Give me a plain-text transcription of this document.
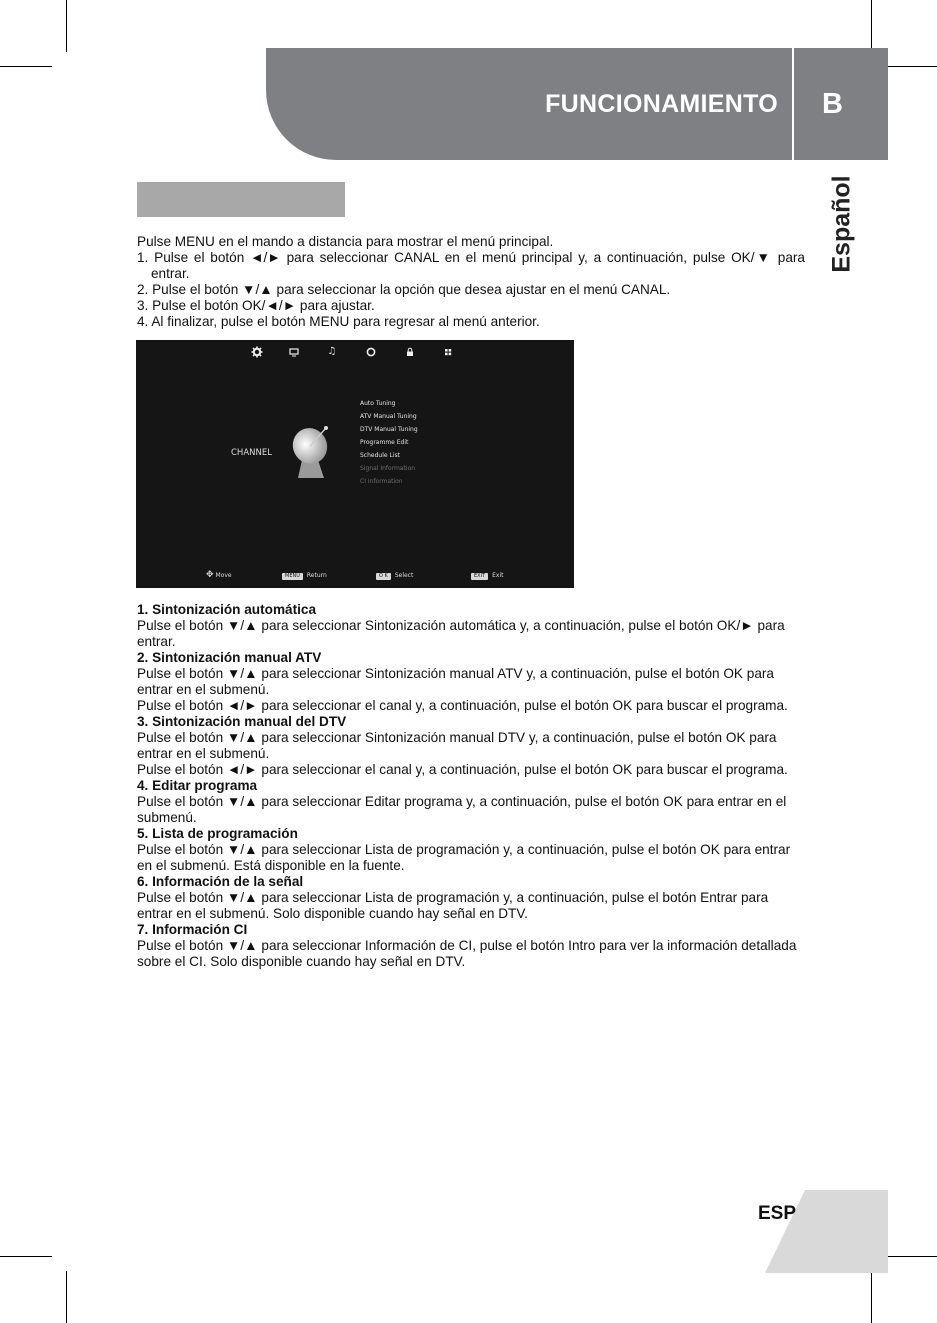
FUNCIONAMIENTO B
Español

Pulse MENU en el mando a distancia para mostrar el menú principal.

1. Pulse el botón ◄/► para seleccionar CANAL en el menú principal y, a continuación, pulse OK/▼ para entrar.

2. Pulse el botón ▼/▲ para seleccionar la opción que desea ajustar en el menú CANAL.

3. Pulse el botón OK/◄/► para ajustar.

4. Al finalizar, pulse el botón MENU para regresar al menú anterior.

♫
CHANNEL
Auto Tuning
ATV Manual Tuning
DTV Manual Tuning
Programme Edit
Schedule List
Signal Information
CI Information
✥ Move	MENU Return	O K Select	EXIT Exit

1. Sintonización automática

Pulse el botón ▼/▲ para seleccionar Sintonización automática y, a continuación, pulse el botón OK/► para entrar.

2. Sintonización manual ATV

Pulse el botón ▼/▲ para seleccionar Sintonización manual ATV y, a continuación, pulse el botón OK para entrar en el submenú.

Pulse el botón ◄/► para seleccionar el canal y, a continuación, pulse el botón OK para buscar el programa.

3. Sintonización manual del DTV

Pulse el botón ▼/▲ para seleccionar Sintonización manual DTV y, a continuación, pulse el botón OK para entrar en el submenú.

Pulse el botón ◄/► para seleccionar el canal y, a continuación, pulse el botón OK para buscar el programa.

4. Editar programa

Pulse el botón ▼/▲ para seleccionar Editar programa y, a continuación, pulse el botón OK para entrar en el submenú.

5. Lista de programación

Pulse el botón ▼/▲ para seleccionar Lista de programación y, a continuación, pulse el botón OK para entrar en el submenú. Está disponible en la fuente.

6. Información de la señal

Pulse el botón ▼/▲ para seleccionar Lista de programación y, a continuación, pulse el botón Entrar para entrar en el submenú. Solo disponible cuando hay señal en DTV.

7. Información CI

Pulse el botón ▼/▲ para seleccionar Información de CI, pulse el botón Intro para ver la información detallada sobre el CI. Solo disponible cuando hay señal en DTV.

ESP
